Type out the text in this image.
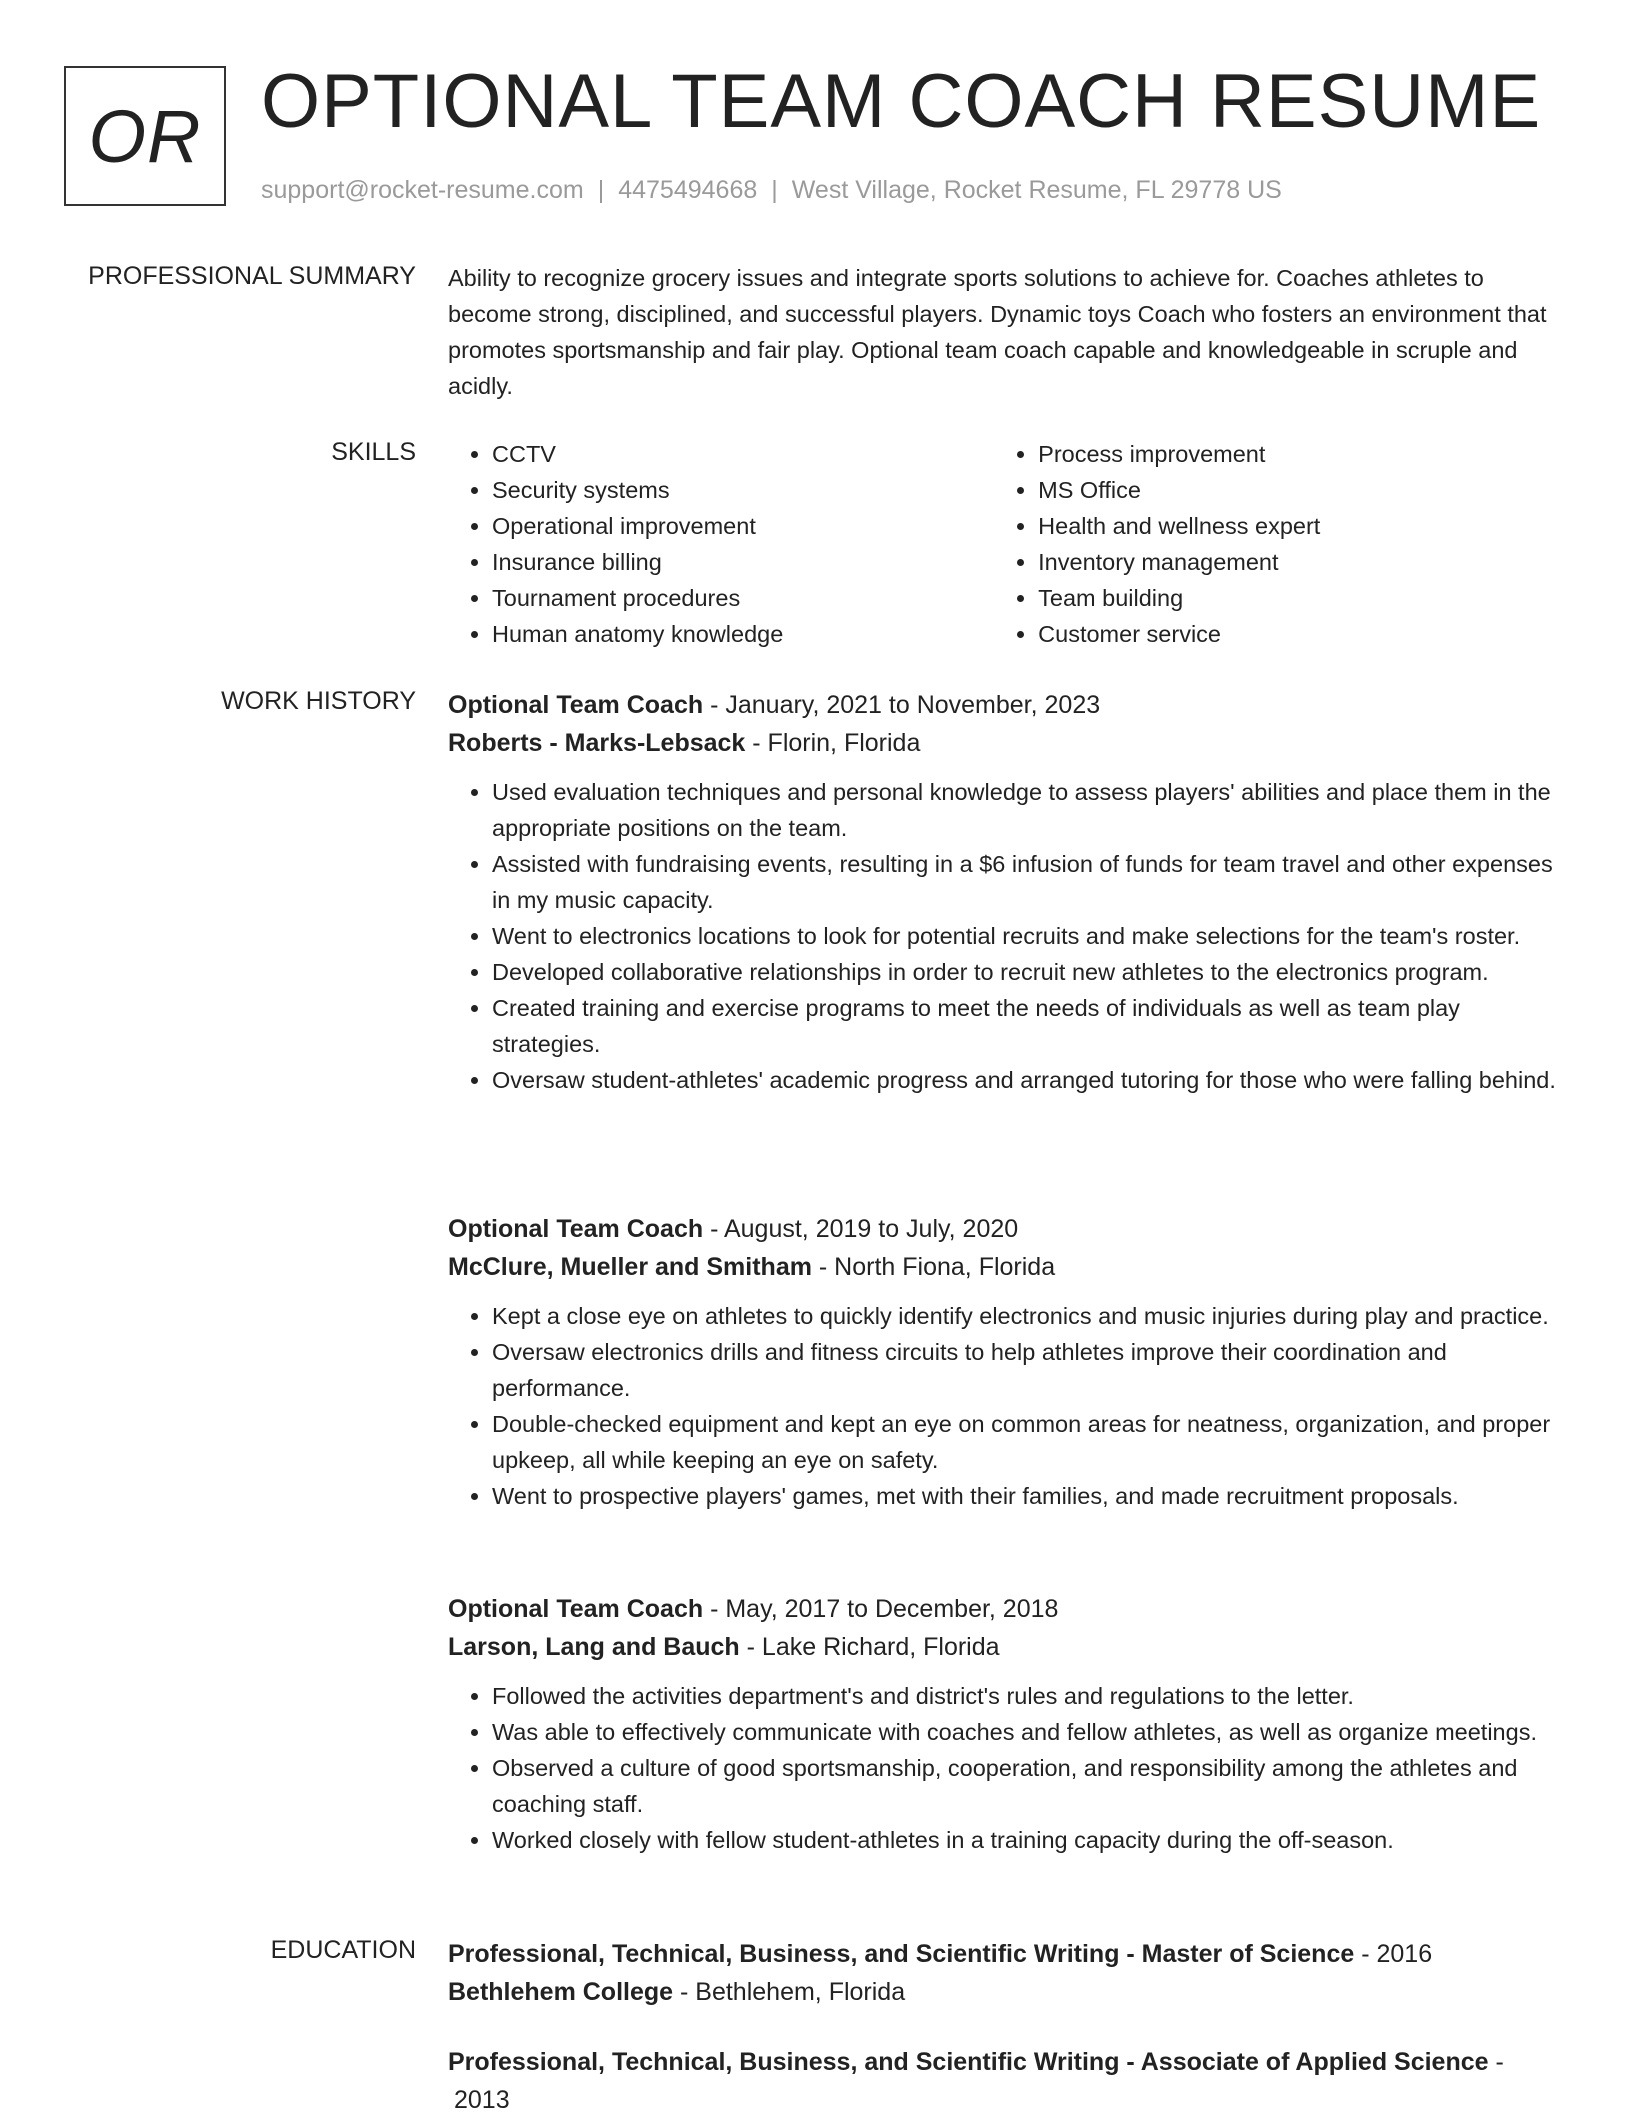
OR OPTIONAL TEAM COACH RESUME
support@rocket-resume.com | 4475494668 | West Village, Rocket Resume, FL 29778 US
PROFESSIONAL SUMMARY Ability to recognize grocery issues and integrate sports solutions to achieve for. Coaches athletes to become strong, disciplined, and successful players. Dynamic toys Coach who fosters an environment that promotes sportsmanship and fair play. Optional team coach capable and knowledgeable in scruple and acidly.

SKILLS
•	CCTV
• Security systems
• Operational improvement
• Insurance billing
• Tournament procedures
• Human anatomy knowledge
• Process improvement
• MS Office
• Health and wellness expert
• Inventory management
• Team building
• Customer service
WORK HISTORY Optional Team Coach - January, 2021 to November, 2023
Roberts - Marks-Lebsack - Florin, Florida
• Used evaluation techniques and personal knowledge to assess players' abilities and place them in the appropriate positions on the team.
• Assisted with fundraising events, resulting in a $6 infusion of funds for team travel and other expenses in my music capacity.
• Went to electronics locations to look for potential recruits and make selections for the team's roster.
• Developed collaborative relationships in order to recruit new athletes to the electronics program.
• Created training and exercise programs to meet the needs of individuals as well as team play strategies.
• Oversaw student-athletes' academic progress and arranged tutoring for those who were falling behind.
Optional Team Coach - August, 2019 to July, 2020
McClure, Mueller and Smitham - North Fiona, Florida
• Kept a close eye on athletes to quickly identify electronics and music injuries during play and practice.
• Oversaw electronics drills and fitness circuits to help athletes improve their coordination and performance.
• Double-checked equipment and kept an eye on common areas for neatness, organization, and proper upkeep, all while keeping an eye on safety.
• Went to prospective players' games, met with their families, and made recruitment proposals.
Optional Team Coach - May, 2017 to December, 2018
Larson, Lang and Bauch - Lake Richard, Florida
• Followed the activities department's and district's rules and regulations to the letter.
• Was able to effectively communicate with coaches and fellow athletes, as well as organize meetings.
• Observed a culture of good sportsmanship, cooperation, and responsibility among the athletes and coaching staff.
• Worked closely with fellow student-athletes in a training capacity during the off-season.
EDUCATION Professional, Technical, Business, and Scientific Writing - Master of Science - 2016
Bethlehem College - Bethlehem, Florida
Professional, Technical, Business, and Scientific Writing - Associate of Applied Science -
2013
